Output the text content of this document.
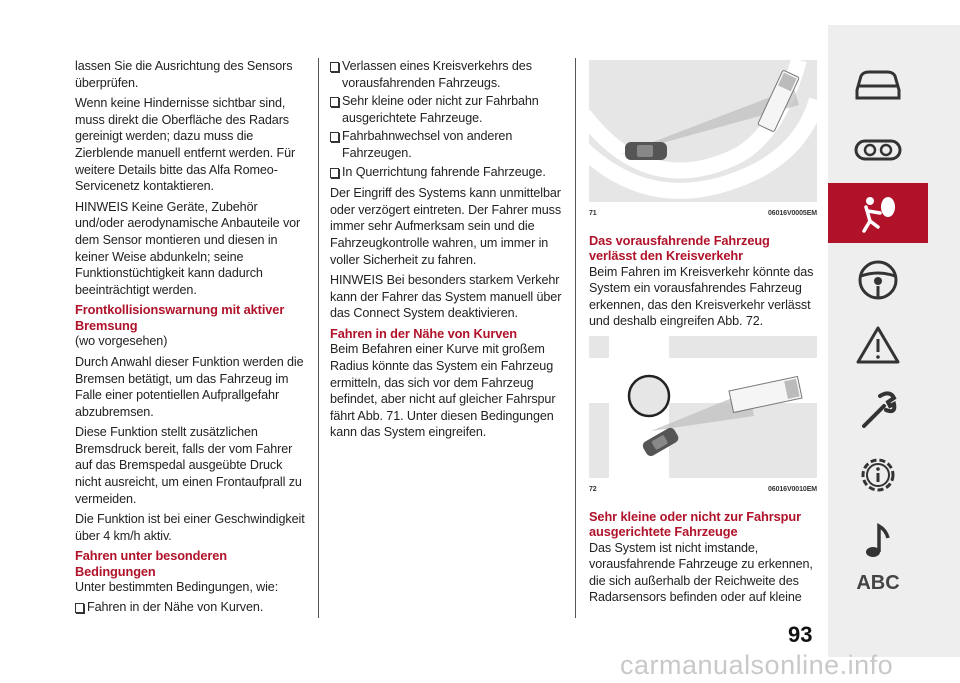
lassen Sie die Ausrichtung des Sensors überprüfen.

Wenn keine Hindernisse sichtbar sind, muss direkt die Oberfläche des Radars gereinigt werden; dazu muss die Zierblende manuell entfernt werden. Für weitere Details bitte das Alfa Romeo-Servicenetz kontaktieren.

HINWEIS Keine Geräte, Zubehör und/oder aerodynamische Anbauteile vor dem Sensor montieren und diesen in keiner Weise abdunkeln; seine Funktionstüchtigkeit kann dadurch beeinträchtigt werden.

Frontkollisionswarnung mit aktiver Bremsung

(wo vorgesehen)

Durch Anwahl dieser Funktion werden die Bremsen betätigt, um das Fahrzeug im Falle einer potentiellen Aufprallgefahr abzubremsen.

Diese Funktion stellt zusätzlichen Bremsdruck bereit, falls der vom Fahrer auf das Bremspedal ausgeübte Druck nicht ausreicht, um einen Frontaufprall zu vermeiden.

Die Funktion ist bei einer Geschwindigkeit über 4 km/h aktiv.

Fahren unter besonderen Bedingungen

Unter bestimmten Bedingungen, wie:

Fahren in der Nähe von Kurven.
Verlassen eines Kreisverkehrs des vorausfahrenden Fahrzeugs.
Sehr kleine oder nicht zur Fahrbahn ausgerichtete Fahrzeuge.
Fahrbahnwechsel von anderen Fahrzeugen.
In Querrichtung fahrende Fahrzeuge.

Der Eingriff des Systems kann unmittelbar oder verzögert eintreten. Der Fahrer muss immer sehr Aufmerksam sein und die Fahrzeugkontrolle wahren, um immer in voller Sicherheit zu fahren.

HINWEIS Bei besonders starkem Verkehr kann der Fahrer das System manuell über das Connect System deaktivieren.

Fahren in der Nähe von Kurven

Beim Befahren einer Kurve mit großem Radius könnte das System ein Fahrzeug ermitteln, das sich vor dem Fahrzeug befindet, aber nicht auf gleicher Fahrspur fährt Abb. 71. Unter diesen Bedingungen kann das System eingreifen.

71	06016V0005EM
Das vorausfahrende Fahrzeug verlässt den Kreisverkehr

Beim Fahren im Kreisverkehr könnte das System ein vorausfahrendes Fahrzeug erkennen, das den Kreisverkehr verlässt und deshalb eingreifen Abb. 72.

72	06016V0010EM
Sehr kleine oder nicht zur Fahrspur ausgerichtete Fahrzeuge

Das System ist nicht imstande, vorausfahrende Fahrzeuge zu erkennen, die sich außerhalb der Reichweite des Radarsensors befinden oder auf kleine

ABC
93
carmanualsonline.info
